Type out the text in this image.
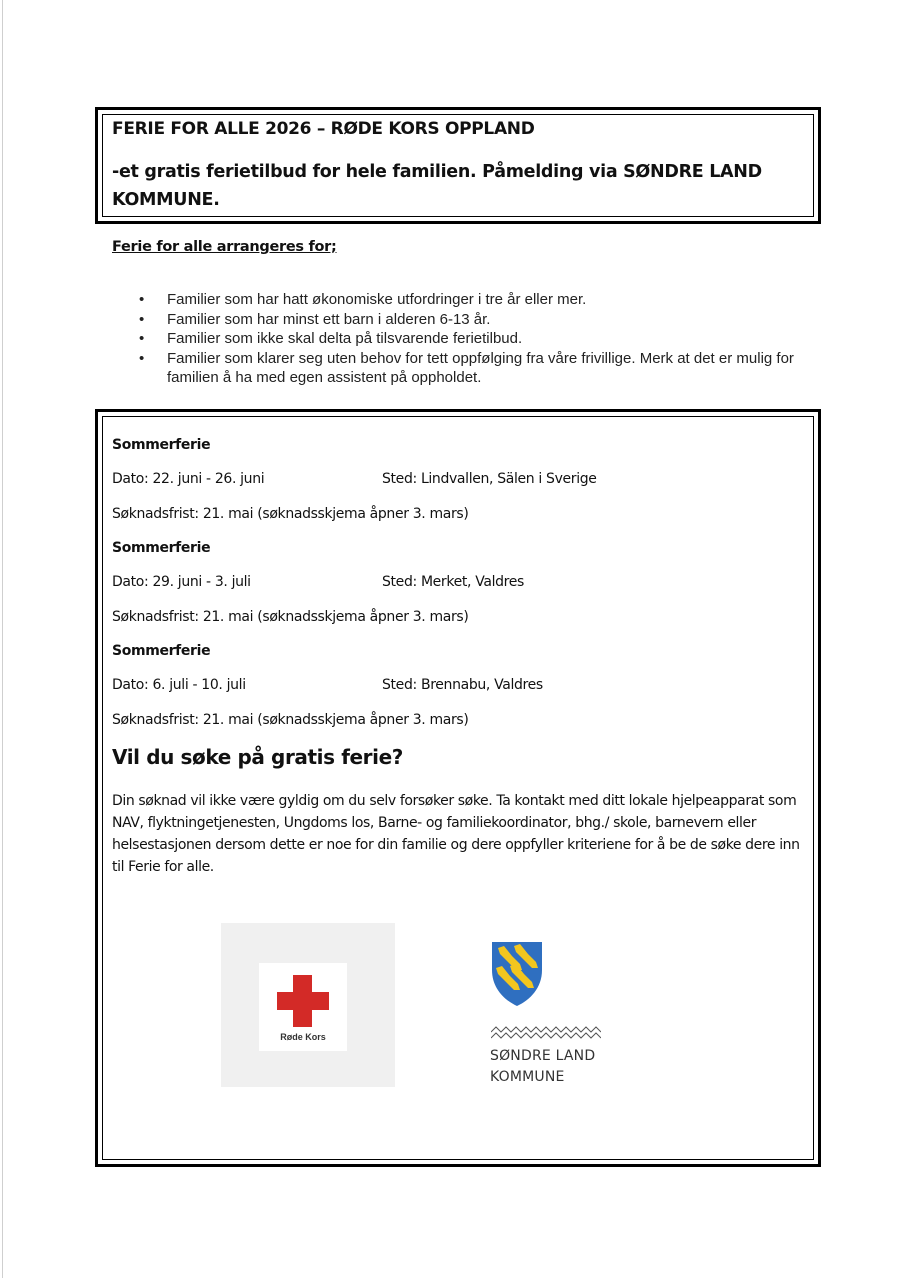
FERIE FOR ALLE 2026 – RØDE KORS OPPLAND
-et gratis ferietilbud for hele familien. Påmelding via SØNDRE LAND KOMMUNE.
Ferie for alle arrangeres for;
• Familier som har hatt økonomiske utfordringer i tre år eller mer.
• Familier som har minst ett barn i alderen 6-13 år.
• Familier som ikke skal delta på tilsvarende ferietilbud.
• Familier som klarer seg uten behov for tett oppfølging fra våre frivillige. Merk at det er mulig for familien å ha med egen assistent på oppholdet.
Sommerferie
Dato: 22. juni - 26. juni	Sted: Lindvallen, Sälen i Sverige
Søknadsfrist: 21. mai (søknadsskjema åpner 3. mars)
Sommerferie
Dato: 29. juni - 3. juli	Sted: Merket, Valdres
Søknadsfrist: 21. mai (søknadsskjema åpner 3. mars)
Sommerferie
Dato: 6. juli - 10. juli	Sted: Brennabu, Valdres
Søknadsfrist: 21. mai (søknadsskjema åpner 3. mars)
Vil du søke på gratis ferie?
Din søknad vil ikke være gyldig om du selv forsøker søke. Ta kontakt med ditt lokale hjelpeapparat som NAV, flyktningetjenesten, Ungdoms los, Barne- og familiekoordinator, bhg./ skole, barnevern eller helsestasjonen dersom dette er noe for din familie og dere oppfyller kriteriene for å be de søke dere inn til Ferie for alle.
Røde Kors
SØNDRE LAND
KOMMUNE
